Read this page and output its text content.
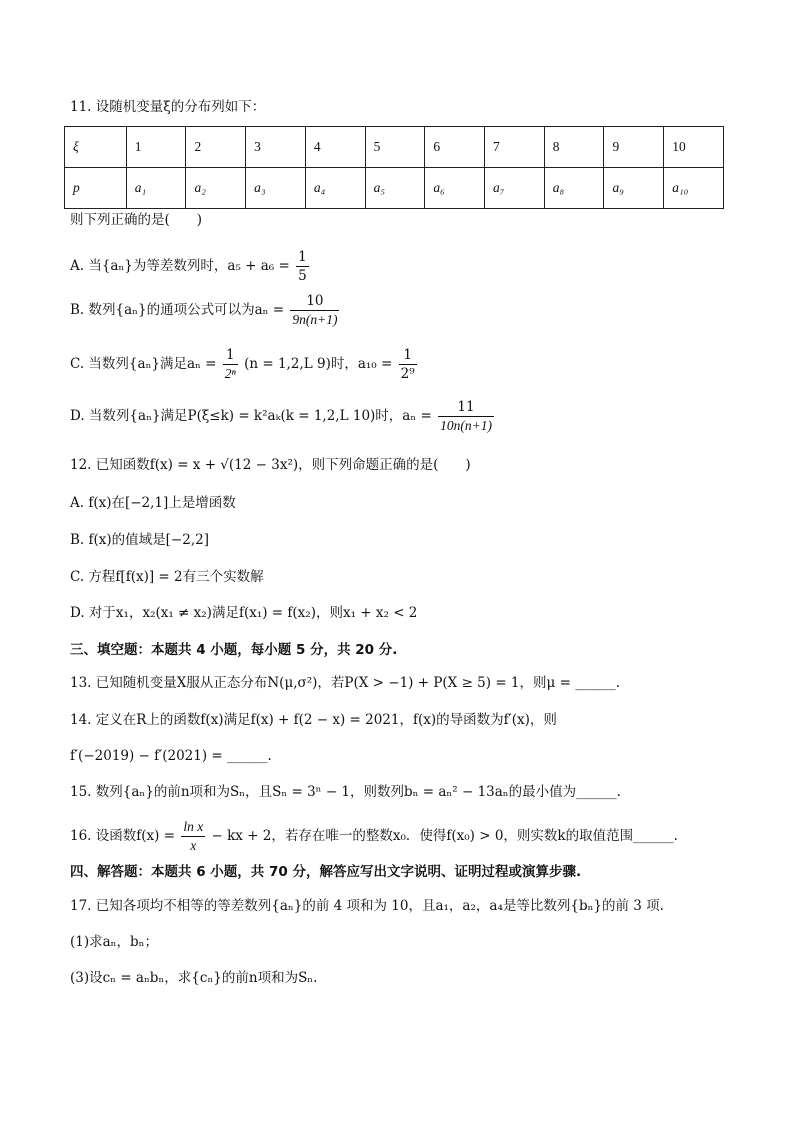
11. 设随机变量ξ的分布列如下：
ξ	1	2	3	4	5	6	7	8	9	10
p	a₁	a₂	a₃	a₄	a₅	a₆	a₇	a₈	a₉	a₁₀
则下列正确的是(　　)
A. 当{aₙ}为等差数列时，$a_5 + a_6 = \frac{1}{5}$
B. 数列{aₙ}的通项公式可以为$a_n = \frac{10}{9n(n+1)}$
C. 当数列{aₙ}满足$a_n = \frac{1}{\text{2ⁿ}} (n = 1,2,L$ 9)时，$a_{10} = \frac{1}{\text{2⁹}}$
D. 当数列{aₙ}满足P(ξ≤k) = k²aₖ(k = 1,2,L 10)时，$a_n = \frac{11}{10n(n+1)}$
12. 已知函数f(x) = x + √(12 − 3x²)，则下列命题正确的是(　　)
A. f(x)在[−2,1]上是增函数
B. f(x)的值域是[−2,2]
C. 方程f[f(x)] = 2有三个实数解
D. 对于x₁，x₂(x₁ ≠ x₂)满足f(x₁) = f(x₂)，则x₁ + x₂ < 2
三、填空题：本题共 4 小题，每小题 5 分，共 20 分.
13. 已知随机变量X服从正态分布N(μ,σ²)，若P(X > −1) + P(X ≥ 5) = 1，则μ = ______.
14. 定义在R上的函数f(x)满足f(x) + f(2 − x) = 2021，f(x)的导函数为f′(x)，则
f′(−2019) − f′(2021) = ______.
15. 数列{aₙ}的前n项和为Sₙ，且Sₙ = 3ⁿ − 1，则数列bₙ = aₙ² − 13aₙ的最小值为______.
16. 设函数$f(x) = \frac{\text{ln x}}{x}$ − kx + 2，若存在唯一的整数x₀．使得f(x₀) > 0，则实数k的取值范围______.
四、解答题：本题共 6 小题，共 70 分，解答应写出文字说明、证明过程或演算步骤.
17. 已知各项均不相等的等差数列{aₙ}的前 4 项和为 10，且a₁，a₂，a₄是等比数列{bₙ}的前 3 项.
(1)求aₙ，bₙ；
(3)设cₙ = aₙbₙ，求{cₙ}的前n项和为Sₙ.
